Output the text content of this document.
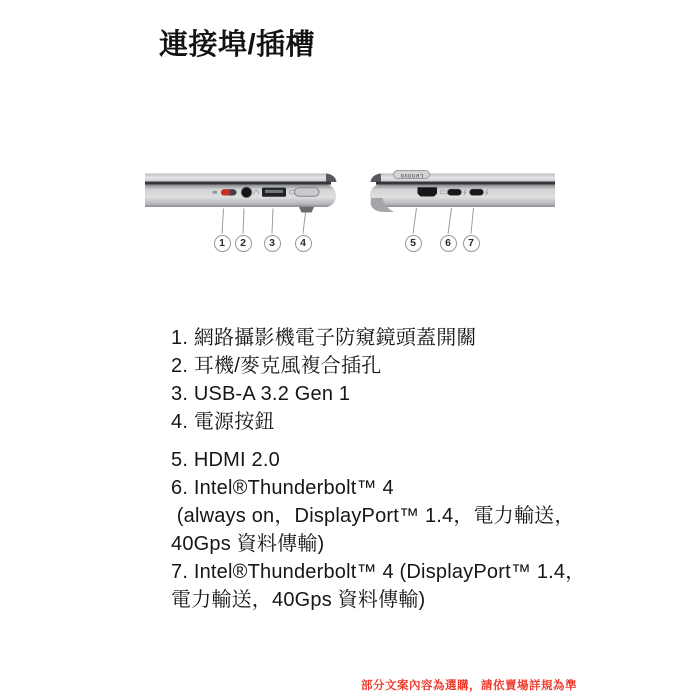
連接埠/插槽
Lenovo
1	2	3	4	5	6	7
1. 網路攝影機電子防窺鏡頭蓋開關
2. 耳機/麥克風複合插孔
3. USB-A 3.2 Gen 1
4. 電源按鈕
5. HDMI 2.0
6. Intel®Thunderbolt™ 4
(always on，DisplayPort™ 1.4，電力輸送，
40Gps 資料傳輸)
7. Intel®Thunderbolt™ 4 (DisplayPort™ 1.4，
電力輸送，40Gps 資料傳輸)
部分文案內容為選購，請依賣場詳規為準
